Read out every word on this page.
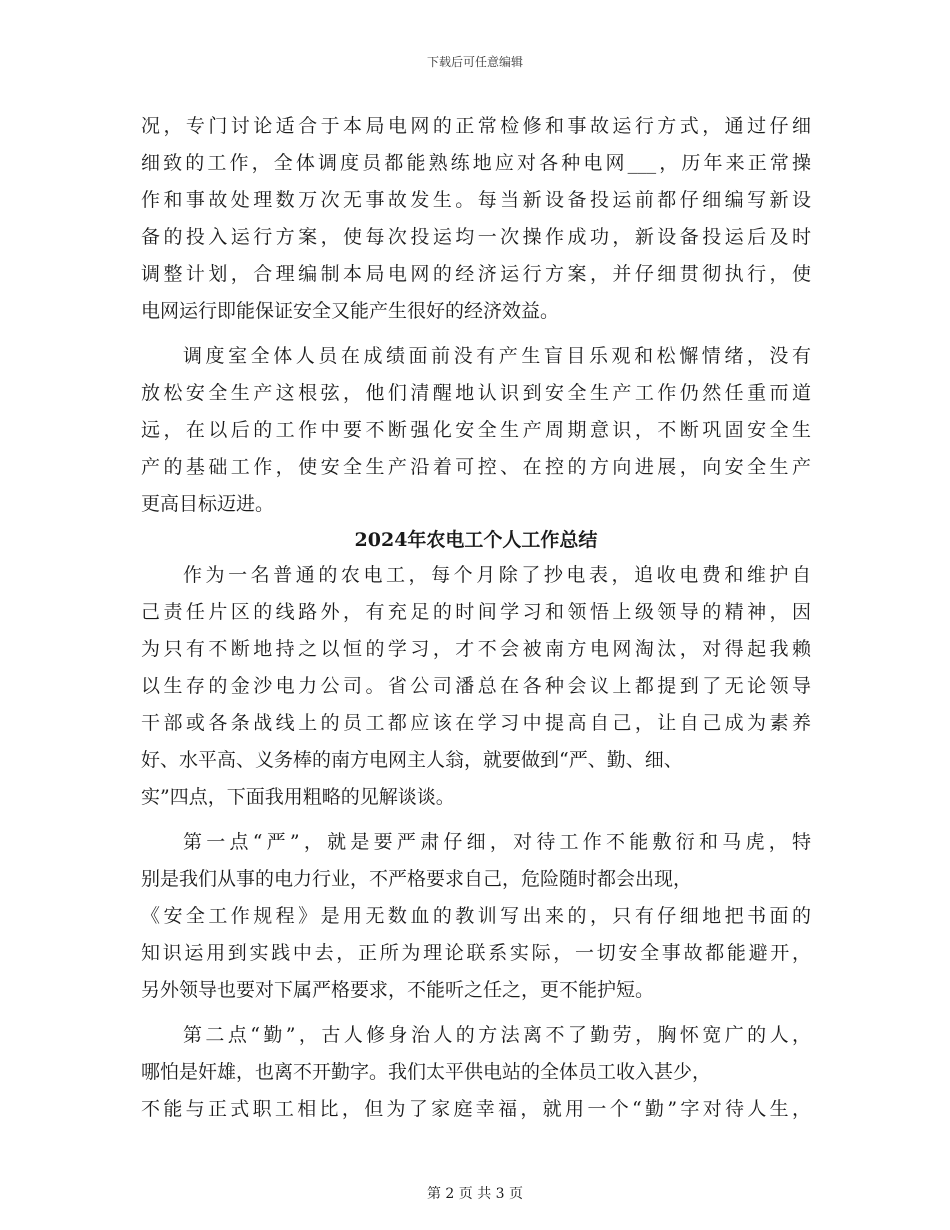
下载后可任意编辑
况，专门讨论适合于本局电网的正常检修和事故运行方式，通过仔细
细致的工作，全体调度员都能熟练地应对各种电网___，历年来正常操
作和事故处理数万次无事故发生。每当新设备投运前都仔细编写新设
备的投入运行方案，使每次投运均一次操作成功，新设备投运后及时
调整计划，合理编制本局电网的经济运行方案，并仔细贯彻执行，使
电网运行即能保证安全又能产生很好的经济效益。
调度室全体人员在成绩面前没有产生盲目乐观和松懈情绪，没有
放松安全生产这根弦，他们清醒地认识到安全生产工作仍然任重而道
远，在以后的工作中要不断强化安全生产周期意识，不断巩固安全生
产的基础工作，使安全生产沿着可控、在控的方向进展，向安全生产
更高目标迈进。
2024年农电工个人工作总结
作为一名普通的农电工，每个月除了抄电表，追收电费和维护自
己责任片区的线路外，有充足的时间学习和领悟上级领导的精神，因
为只有不断地持之以恒的学习，才不会被南方电网淘汰，对得起我赖
以生存的金沙电力公司。省公司潘总在各种会议上都提到了无论领导
干部或各条战线上的员工都应该在学习中提高自己，让自己成为素养
好、水平高、义务棒的南方电网主人翁，就要做到“严、勤、细、
实”四点，下面我用粗略的见解谈谈。
第一点“严”，就是要严肃仔细，对待工作不能敷衍和马虎，特
别是我们从事的电力行业，不严格要求自己，危险随时都会出现，
《安全工作规程》是用无数血的教训写出来的，只有仔细地把书面的
知识运用到实践中去，正所为理论联系实际，一切安全事故都能避开，
另外领导也要对下属严格要求，不能听之任之，更不能护短。
第二点“勤”，古人修身治人的方法离不了勤劳，胸怀宽广的人，
哪怕是奸雄，也离不开勤字。我们太平供电站的全体员工收入甚少，
不能与正式职工相比，但为了家庭幸福，就用一个“勤”字对待人生，
第 2 页 共 3 页
